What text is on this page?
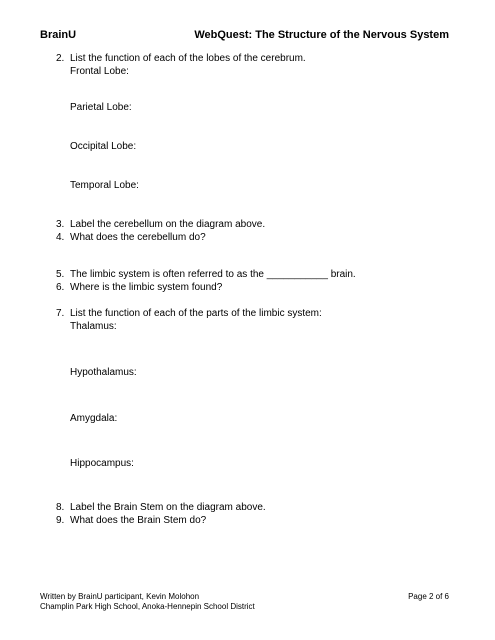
BrainU	WebQuest: The Structure of the Nervous System
2. List the function of each of the lobes of the cerebrum.
Frontal Lobe:
Parietal Lobe:
Occipital Lobe:
Temporal Lobe:
3. Label the cerebellum on the diagram above.
4. What does the cerebellum do?
5. The limbic system is often referred to as the ___________ brain.
6. Where is the limbic system found?
7. List the function of each of the parts of the limbic system:
Thalamus:
Hypothalamus:
Amygdala:
Hippocampus:
8. Label the Brain Stem on the diagram above.
9. What does the Brain Stem do?
Written by BrainU participant, Kevin Molohon
Champlin Park High School, Anoka-Hennepin School District
Page 2 of 6
